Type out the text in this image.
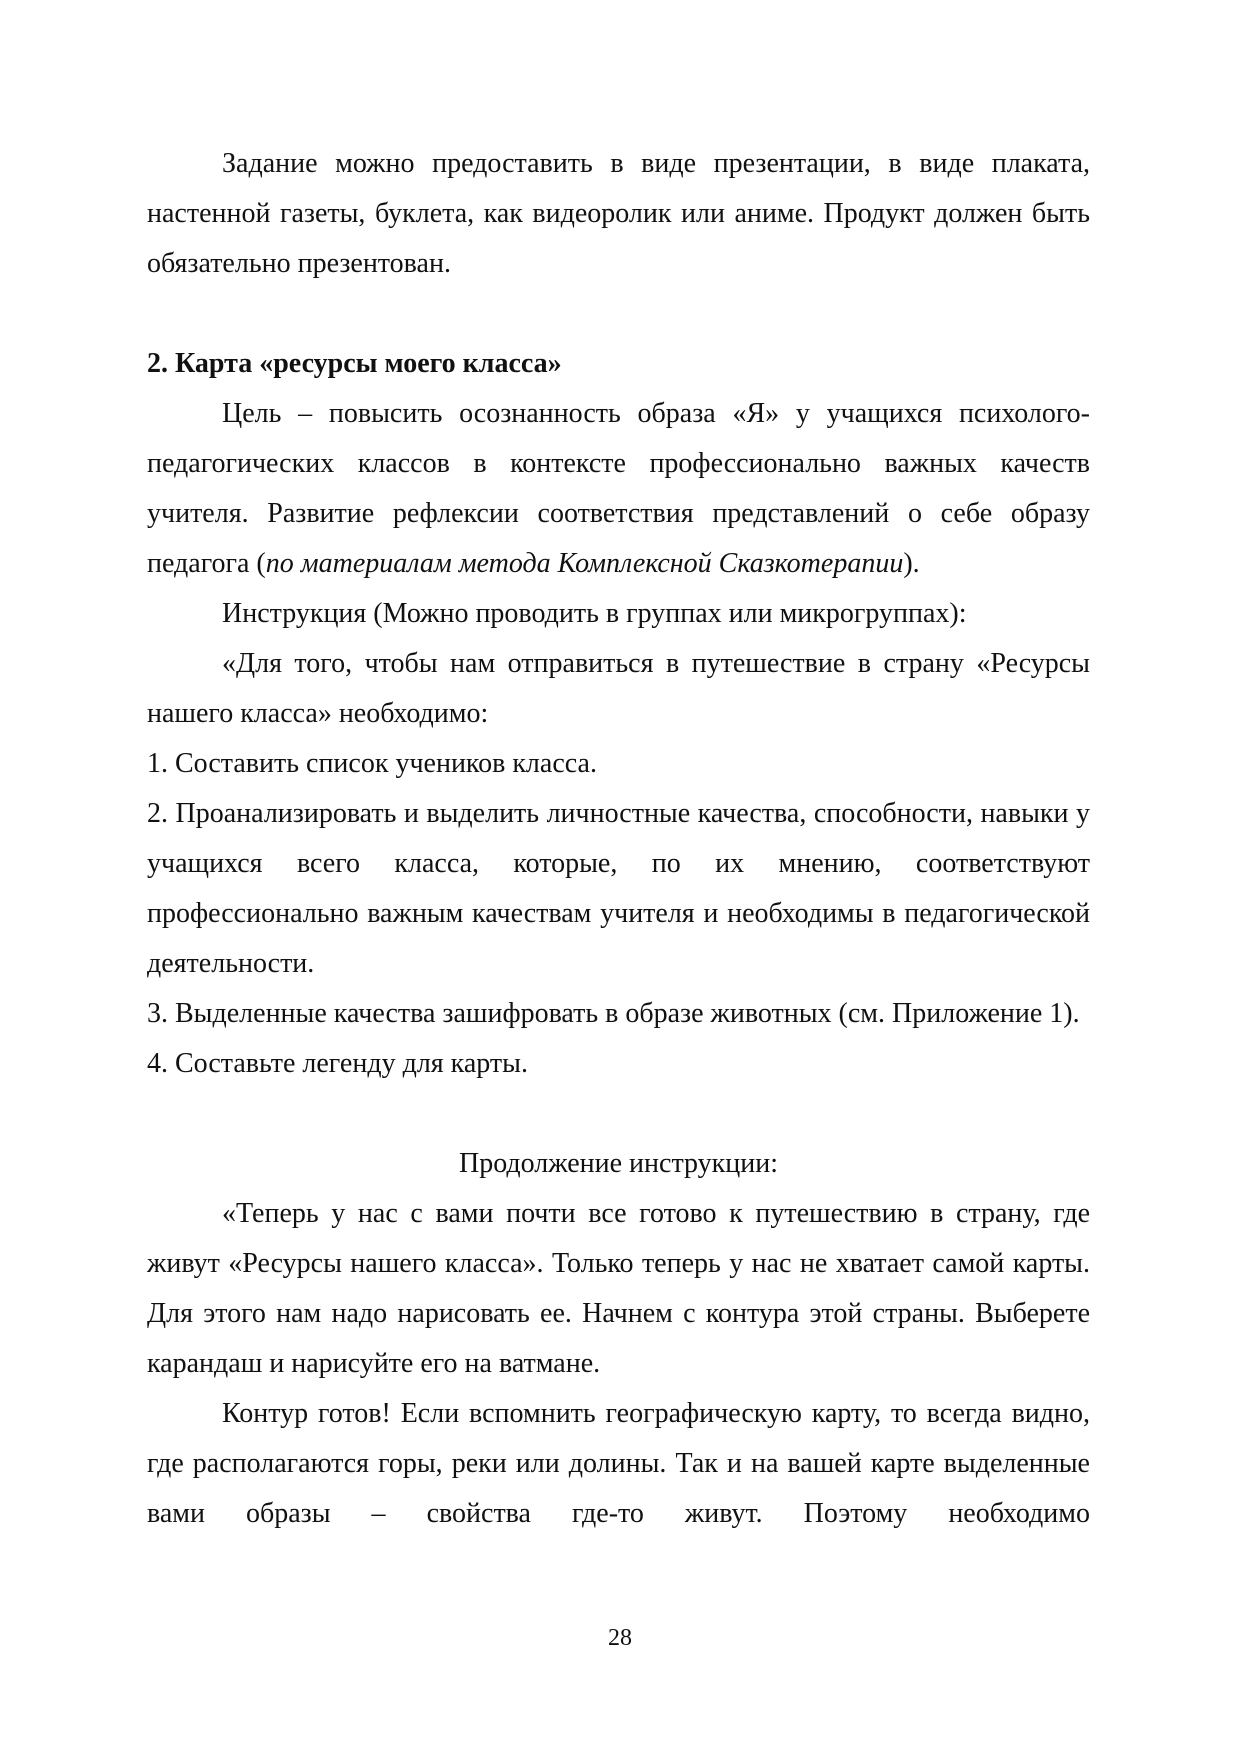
Задание можно предоставить в виде презентации, в виде плаката, настенной газеты, буклета, как видеоролик или аниме. Продукт должен быть обязательно презентован.

2. Карта «ресурсы моего класса»

Цель – повысить осознанность образа «Я» у учащихся психолого-педагогических классов в контексте профессионально важных качеств учителя. Развитие рефлексии соответствия представлений о себе образу педагога (по материалам метода Комплексной Сказкотерапии).

Инструкция (Можно проводить в группах или микрогруппах):

«Для того, чтобы нам отправиться в путешествие в страну «Ресурсы нашего класса» необходимо:

1. Составить список учеников класса.

2. Проанализировать и выделить личностные качества, способности, навыки у учащихся всего класса, которые, по их мнению, соответствуют профессионально важным качествам учителя и необходимы в педагогической деятельности.

3. Выделенные качества зашифровать в образе животных (см. Приложение 1).

4. Составьте легенду для карты.

Продолжение инструкции:

«Теперь у нас с вами почти все готово к путешествию в страну, где живут «Ресурсы нашего класса». Только теперь у нас не хватает самой карты. Для этого нам надо нарисовать ее. Начнем с контура этой страны. Выберете карандаш и нарисуйте его на ватмане.

Контур готов! Если вспомнить географическую карту, то всегда видно, где располагаются горы, реки или долины. Так и на вашей карте выделенные вами образы – свойства где-то живут. Поэтому необходимо

28
